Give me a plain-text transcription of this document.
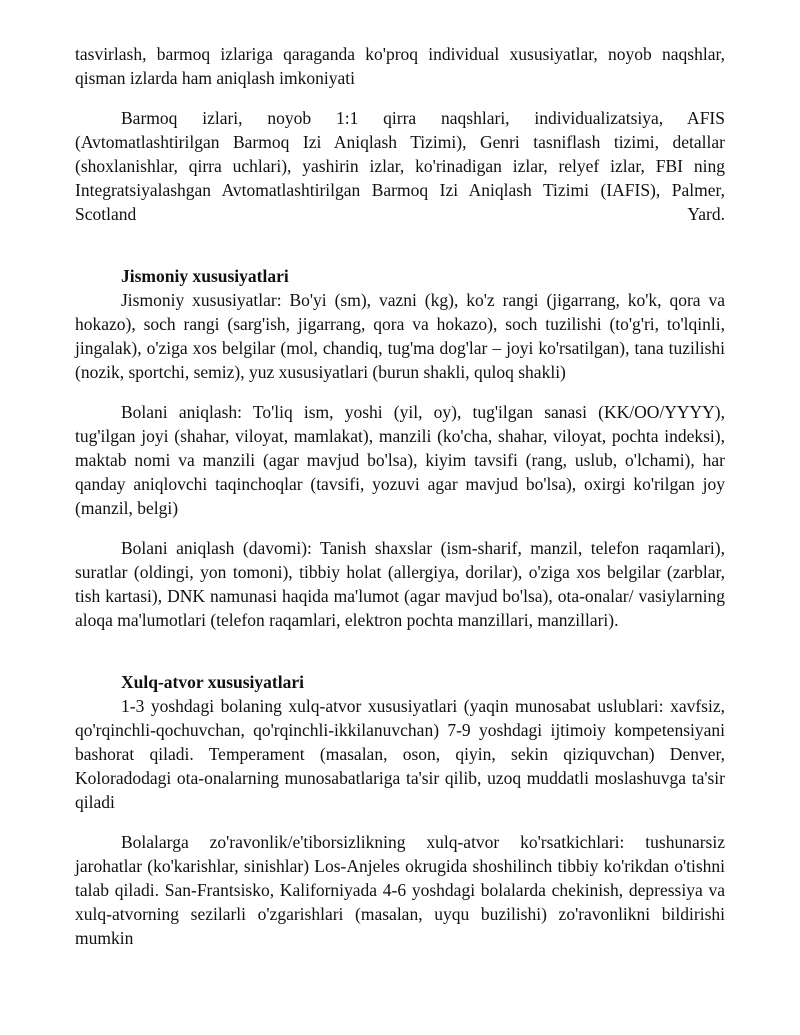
tasvirlash, barmoq izlariga qaraganda ko'proq individual xususiyatlar, noyob naqshlar, qisman izlarda ham aniqlash imkoniyati

Barmoq izlari, noyob 1:1 qirra naqshlari, individualizatsiya, AFIS (Avtomatlashtirilgan Barmoq Izi Aniqlash Tizimi), Genri tasniflash tizimi, detallar (shoxlanishlar, qirra uchlari), yashirin izlar, ko'rinadigan izlar, relyef izlar, FBI ning Integratsiyalashgan Avtomatlashtirilgan Barmoq Izi Aniqlash Tizimi (IAFIS), Palmer, Scotland Yard.

Jismoniy xususiyatlari

Jismoniy xususiyatlar: Bo'yi (sm), vazni (kg), ko'z rangi (jigarrang, ko'k, qora va hokazo), soch rangi (sarg'ish, jigarrang, qora va hokazo), soch tuzilishi (to'g'ri, to'lqinli, jingalak), o'ziga xos belgilar (mol, chandiq, tug'ma dog'lar – joyi ko'rsatilgan), tana tuzilishi (nozik, sportchi, semiz), yuz xususiyatlari (burun shakli, quloq shakli)

Bolani aniqlash: To'liq ism, yoshi (yil, oy), tug'ilgan sanasi (KK/OO/YYYY), tug'ilgan joyi (shahar, viloyat, mamlakat), manzili (ko'cha, shahar, viloyat, pochta indeksi), maktab nomi va manzili (agar mavjud bo'lsa), kiyim tavsifi (rang, uslub, o'lchami), har qanday aniqlovchi taqinchoqlar (tavsifi, yozuvi agar mavjud bo'lsa), oxirgi ko'rilgan joy (manzil, belgi)

Bolani aniqlash (davomi): Tanish shaxslar (ism-sharif, manzil, telefon raqamlari), suratlar (oldingi, yon tomoni), tibbiy holat (allergiya, dorilar), o'ziga xos belgilar (zarblar, tish kartasi), DNK namunasi haqida ma'lumot (agar mavjud bo'lsa), ota-onalar/ vasiylarning aloqa ma'lumotlari (telefon raqamlari, elektron pochta manzillari, manzillari).

Xulq-atvor xususiyatlari

1-3 yoshdagi bolaning xulq-atvor xususiyatlari (yaqin munosabat uslublari: xavfsiz, qo'rqinchli-qochuvchan, qo'rqinchli-ikkilanuvchan) 7-9 yoshdagi ijtimoiy kompetensiyani bashorat qiladi. Temperament (masalan, oson, qiyin, sekin qiziquvchan) Denver, Koloradodagi ota-onalarning munosabatlariga ta'sir qilib, uzoq muddatli moslashuvga ta'sir qiladi

Bolalarga zo'ravonlik/e'tiborsizlikning xulq-atvor ko'rsatkichlari: tushunarsiz jarohatlar (ko'karishlar, sinishlar) Los-Anjeles okrugida shoshilinch tibbiy ko'rikdan o'tishni talab qiladi. San-Frantsisko, Kaliforniyada 4-6 yoshdagi bolalarda chekinish, depressiya va xulq-atvorning sezilarli o'zgarishlari (masalan, uyqu buzilishi) zo'ravonlikni bildirishi mumkin
